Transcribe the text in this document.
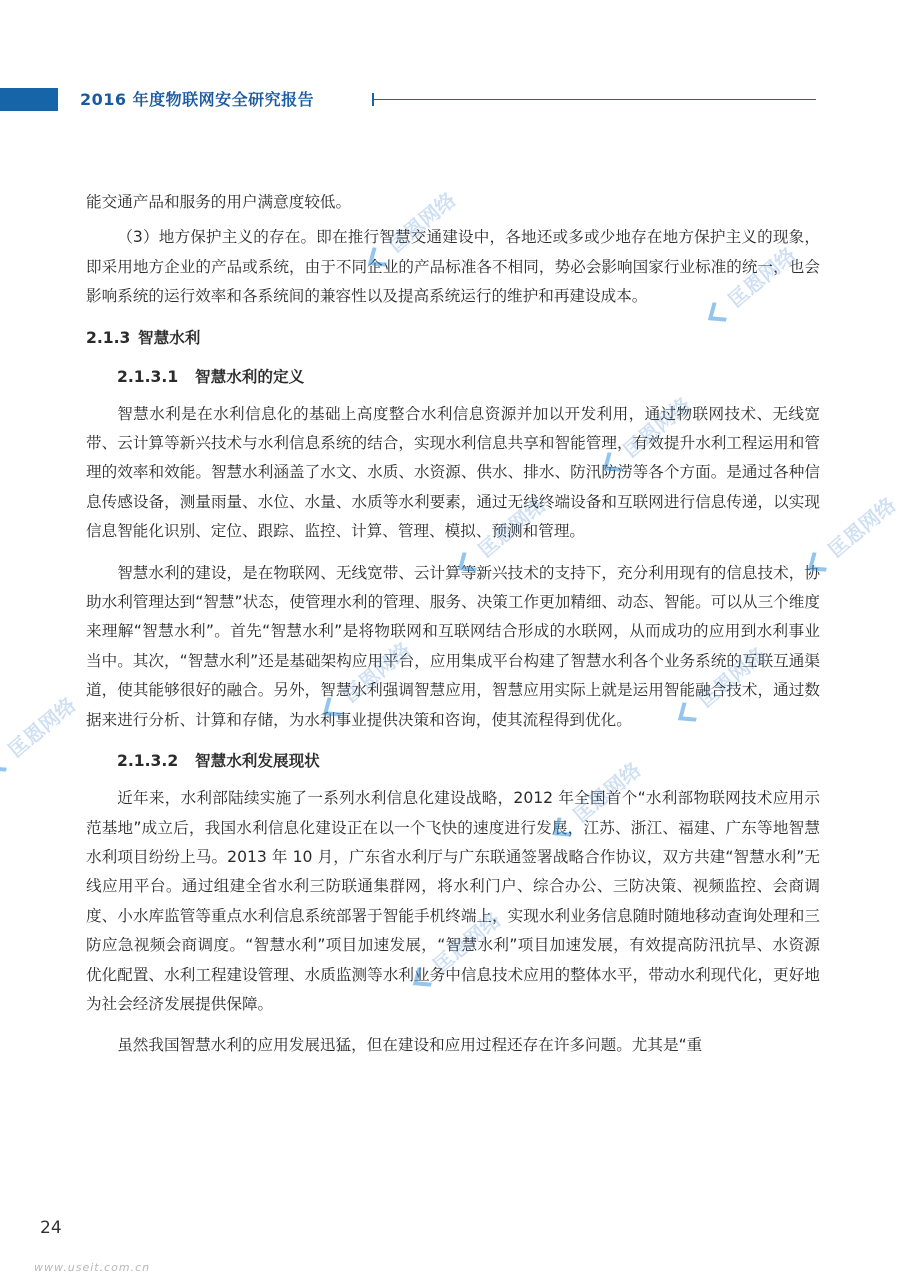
2016 年度物联网安全研究报告

能交通产品和服务的用户满意度较低。

（3）地方保护主义的存在。即在推行智慧交通建设中，各地还或多或少地存在地方保护主义的现象，即采用地方企业的产品或系统，由于不同企业的产品标准各不相同，势必会影响国家行业标准的统一，也会影响系统的运行效率和各系统间的兼容性以及提高系统运行的维护和再建设成本。

2.1.3 智慧水利
2.1.3.1 智慧水利的定义

智慧水利是在水利信息化的基础上高度整合水利信息资源并加以开发利用，通过物联网技术、无线宽带、云计算等新兴技术与水利信息系统的结合，实现水利信息共享和智能管理，有效提升水利工程运用和管理的效率和效能。智慧水利涵盖了水文、水质、水资源、供水、排水、防汛防涝等各个方面。是通过各种信息传感设备，测量雨量、水位、水量、水质等水利要素，通过无线终端设备和互联网进行信息传递，以实现信息智能化识别、定位、跟踪、监控、计算、管理、模拟、预测和管理。

智慧水利的建设，是在物联网、无线宽带、云计算等新兴技术的支持下，充分利用现有的信息技术，协助水利管理达到“智慧”状态，使管理水利的管理、服务、决策工作更加精细、动态、智能。可以从三个维度来理解“智慧水利”。首先“智慧水利”是将物联网和互联网结合形成的水联网，从而成功的应用到水利事业当中。其次，“智慧水利”还是基础架构应用平台，应用集成平台构建了智慧水利各个业务系统的互联互通渠道，使其能够很好的融合。另外，智慧水利强调智慧应用，智慧应用实际上就是运用智能融合技术，通过数据来进行分析、计算和存储，为水利事业提供决策和咨询，使其流程得到优化。

2.1.3.2 智慧水利发展现状

近年来，水利部陆续实施了一系列水利信息化建设战略，2012 年全国首个“水利部物联网技术应用示范基地”成立后，我国水利信息化建设正在以一个飞快的速度进行发展，江苏、浙江、福建、广东等地智慧水利项目纷纷上马。2013 年 10 月，广东省水利厅与广东联通签署战略合作协议，双方共建“智慧水利”无线应用平台。通过组建全省水利三防联通集群网，将水利门户、综合办公、三防决策、视频监控、会商调度、小水库监管等重点水利信息系统部署于智能手机终端上，实现水利业务信息随时随地移动查询处理和三防应急视频会商调度。“智慧水利”项目加速发展，“智慧水利”项目加速发展，有效提高防汛抗旱、水资源优化配置、水利工程建设管理、水质监测等水利业务中信息技术应用的整体水平，带动水利现代化，更好地为社会经济发展提供保障。

虽然我国智慧水利的应用发展迅猛，但在建设和应用过程还存在许多问题。尤其是“重

24
www.useit.com.cn
匡恩网络
匡恩网络
匡恩网络
匡恩网络	匡恩网络
匡恩网络	匡恩网络
匡恩网络
匡恩网络
匡恩网络
